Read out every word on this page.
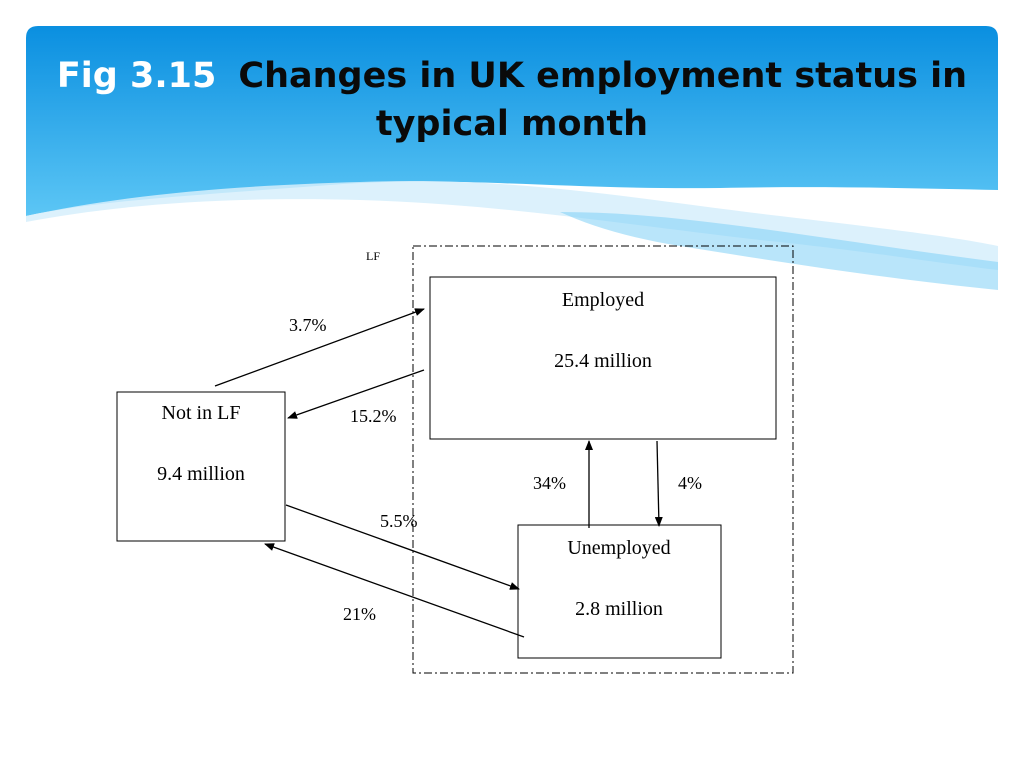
Fig 3.15 Changes in UK employment status in typical month
LF
Employed
25.4 million
Not in LF
9.4 million
Unemployed
2.8 million
3.7%
15.2%
34%	4%
5.5%
21%
